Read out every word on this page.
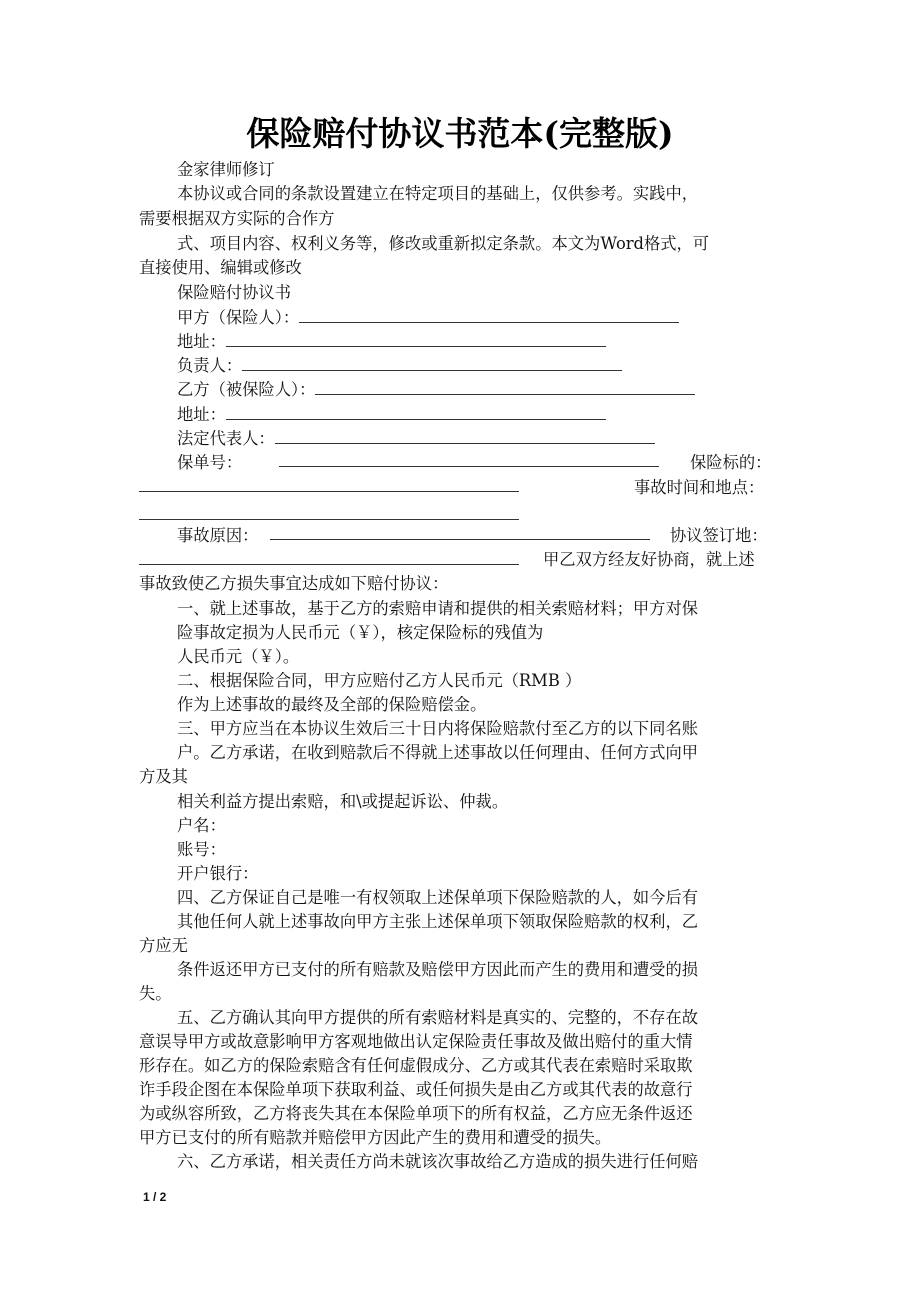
保险赔付协议书范本(完整版)
金家律师修订
本协议或合同的条款设置建立在特定项目的基础上，仅供参考。实践中，
需要根据双方实际的合作方
式、项目内容、权利义务等，修改或重新拟定条款。本文为Word格式，可
直接使用、编辑或修改
保险赔付协议书
甲方（保险人）：
地址：
负责人：
乙方（被保险人）：
地址：
法定代表人：
保单号：	保险标的：
事故时间和地点：
事故原因：	协议签订地：
甲乙双方经友好协商，就上述
事故致使乙方损失事宜达成如下赔付协议：
一、就上述事故，基于乙方的索赔申请和提供的相关索赔材料；甲方对保
险事故定损为人民币元（￥），核定保险标的残值为
人民币元（￥）。
二、根据保险合同，甲方应赔付乙方人民币元（RMB ）
作为上述事故的最终及全部的保险赔偿金。
三、甲方应当在本协议生效后三十日内将保险赔款付至乙方的以下同名账
户。乙方承诺，在收到赔款后不得就上述事故以任何理由、任何方式向甲
方及其
相关利益方提出索赔，和\或提起诉讼、仲裁。
户名：
账号：
开户银行：
四、乙方保证自己是唯一有权领取上述保单项下保险赔款的人，如今后有
其他任何人就上述事故向甲方主张上述保单项下领取保险赔款的权利，乙
方应无
条件返还甲方已支付的所有赔款及赔偿甲方因此而产生的费用和遭受的损
失。
五、乙方确认其向甲方提供的所有索赔材料是真实的、完整的，不存在故
意误导甲方或故意影响甲方客观地做出认定保险责任事故及做出赔付的重大情
形存在。如乙方的保险索赔含有任何虚假成分、乙方或其代表在索赔时采取欺
诈手段企图在本保险单项下获取利益、或任何损失是由乙方或其代表的故意行
为或纵容所致，乙方将丧失其在本保险单项下的所有权益，乙方应无条件返还
甲方已支付的所有赔款并赔偿甲方因此产生的费用和遭受的损失。
六、乙方承诺，相关责任方尚未就该次事故给乙方造成的损失进行任何赔
1 / 2
